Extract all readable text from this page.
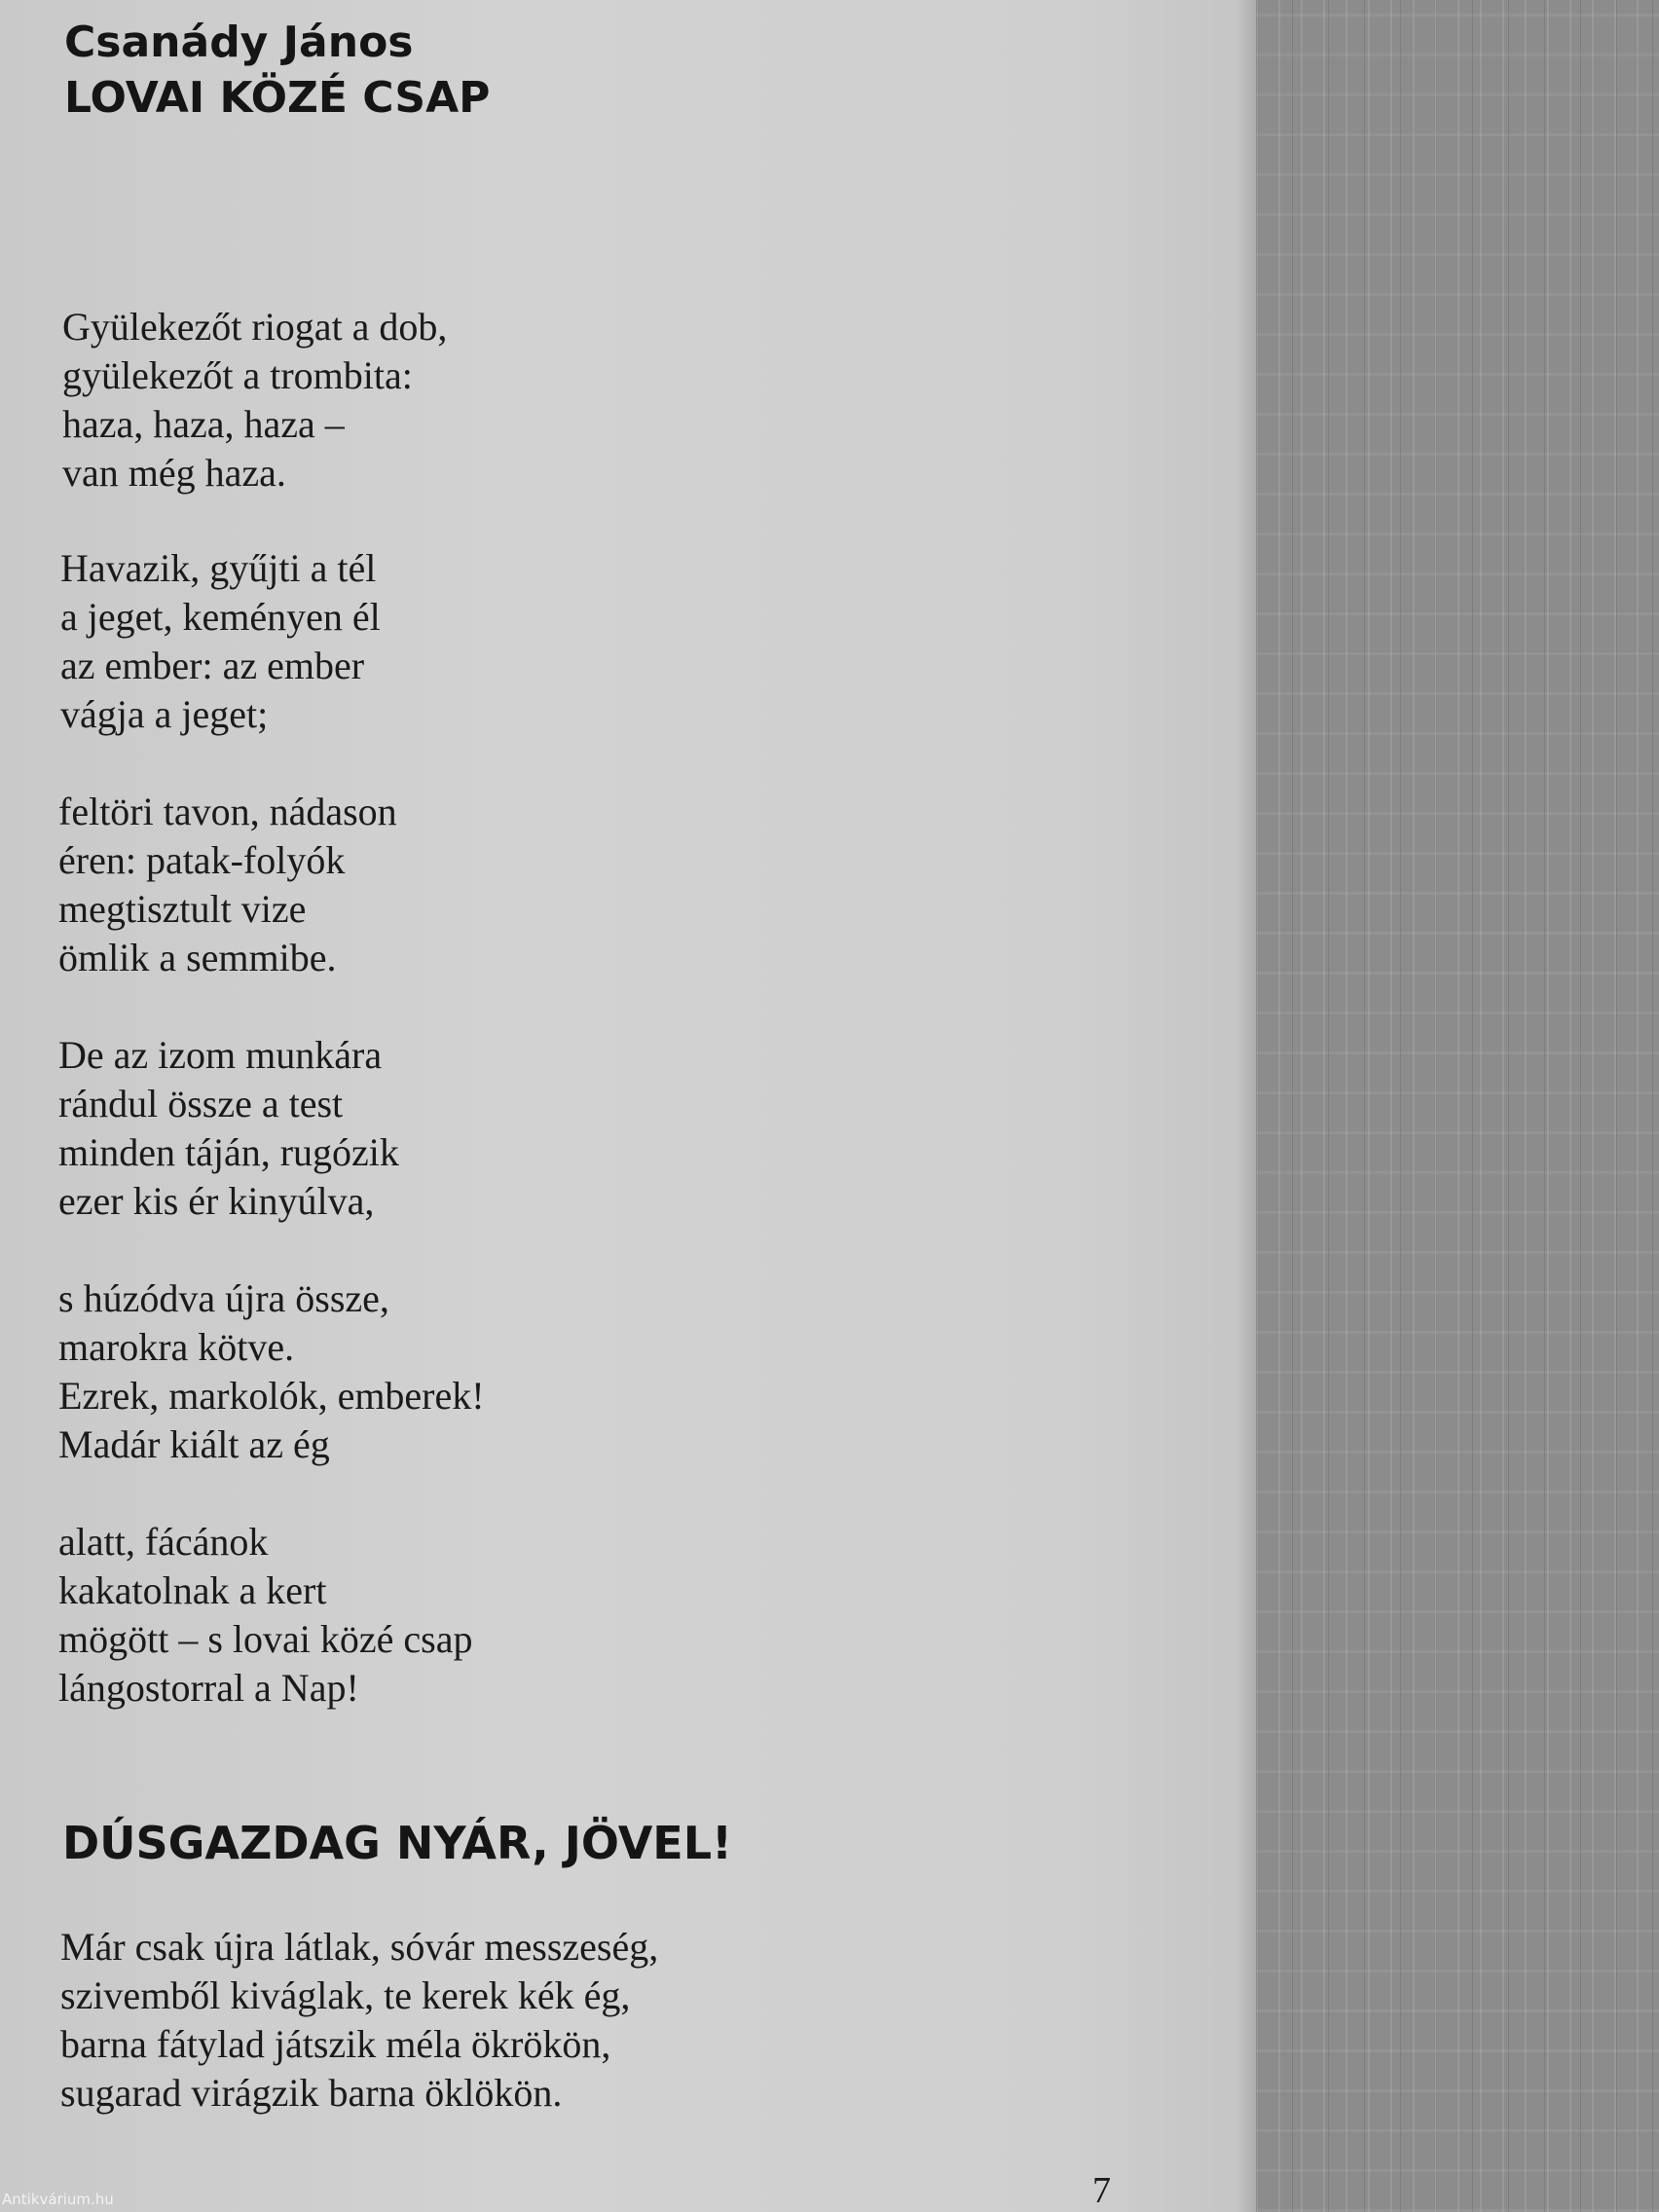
Csanády János
LOVAI KÖZÉ CSAP
Gyülekezőt riogat a dob,
gyülekezőt a trombita:
haza, haza, haza –
van még haza.
Havazik, gyűjti a tél
a jeget, keményen él
az ember: az ember
vágja a jeget;
feltöri tavon, nádason
éren: patak-folyók
megtisztult vize
ömlik a semmibe.
De az izom munkára
rándul össze a test
minden táján, rugózik
ezer kis ér kinyúlva,
s húzódva újra össze,
marokra kötve.
Ezrek, markolók, emberek!
Madár kiált az ég
alatt, fácánok
kakatolnak a kert
mögött – s lovai közé csap
lángostorral a Nap!
DÚSGAZDAG NYÁR, JÖVEL!
Már csak újra látlak, sóvár messzeség,
szivemből kiváglak, te kerek kék ég,
barna fátylad játszik méla ökrökön,
sugarad virágzik barna öklökön.

7

Antikvárium.hu
